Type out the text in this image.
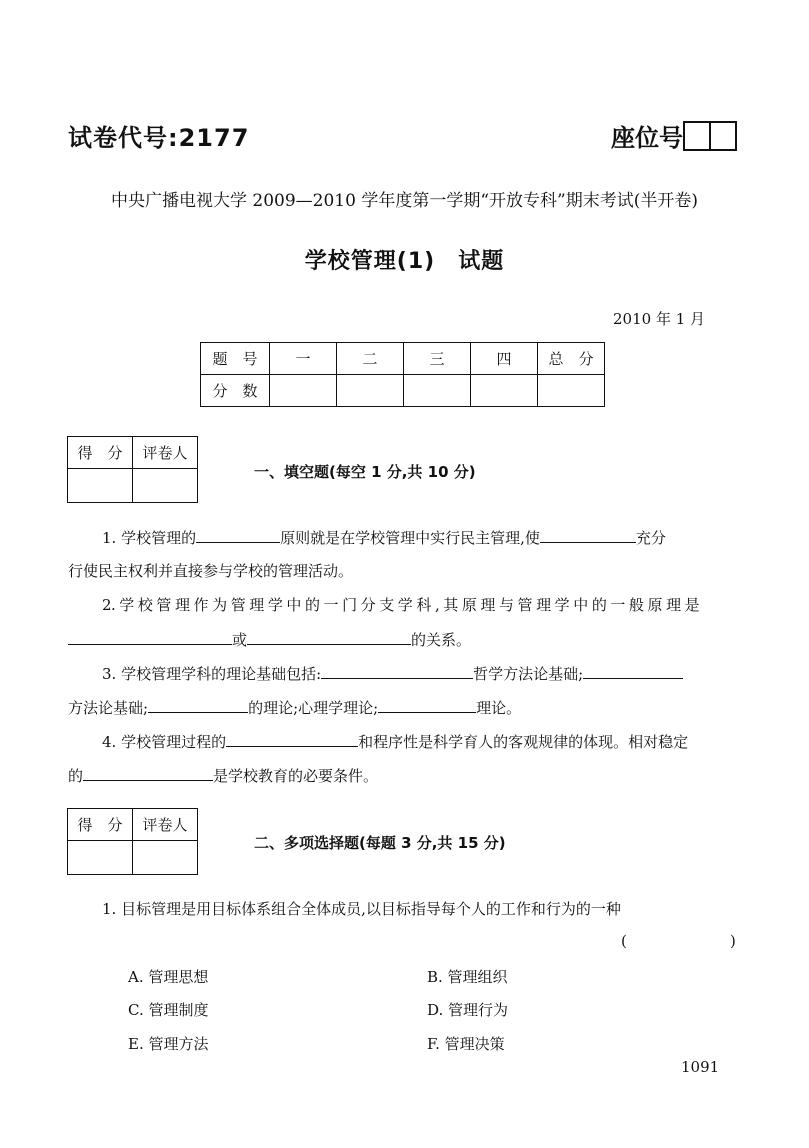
试卷代号:2177	座位号
中央广播电视大学 2009—2010 学年度第一学期“开放专科”期末考试(半开卷)
学校管理(1)　试题
2010 年 1 月
题　号	一	二	三	四	总　分
分　数					
得　分	评卷人

一、填空题(每空 1 分,共 10 分)
1. 学校管理的	原则就是在学校管理中实行民主管理,使	充分
行使民主权利并直接参与学校的管理活动。
2. 学 校 管 理 作 为 管 理 学 中 的 一 门 分 支 学 科 , 其 原 理 与 管 理 学 中 的 一 般 原 理 是
或	的关系。
3. 学校管理学科的理论基础包括:	哲学方法论基础;
方法论基础;	的理论;心理学理论;	理论。
4. 学校管理过程的	和程序性是科学育人的客观规律的体现。相对稳定
的	是学校教育的必要条件。
得　分	评卷人

二、多项选择题(每题 3 分,共 15 分)
1. 目标管理是用目标体系组合全体成员,以目标指导每个人的工作和行为的一种
(	)
A. 管理思想	B. 管理组织
C. 管理制度	D. 管理行为
E. 管理方法	F. 管理决策
1091
